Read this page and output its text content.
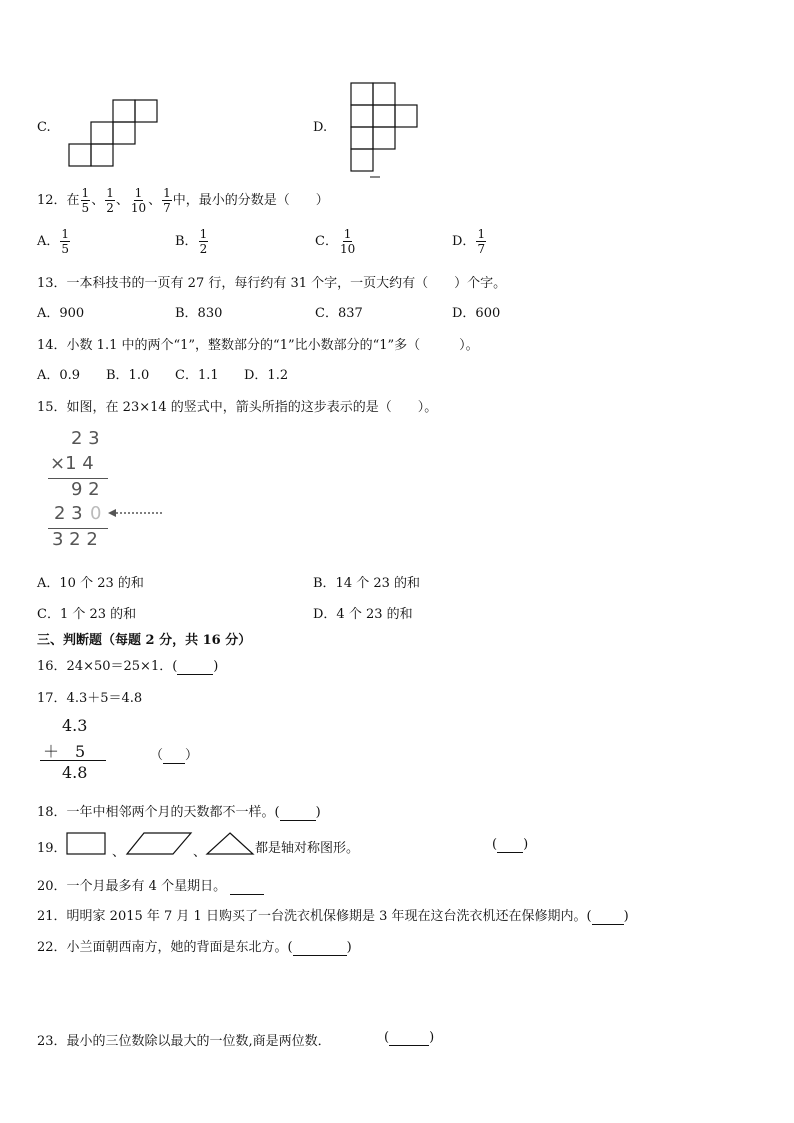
C.	D.
12．在 $\frac{1}{5}$ 、 $\frac{1}{2}$ 、 $\frac{1}{10}$ 、 $\frac{1}{7}$ 中，最小的分数是（　　）
A． $\frac{1}{5}$	B． $\frac{1}{2}$	C． $\frac{1}{10}$	D． $\frac{1}{7}$
13．一本科技书的一页有 27 行，每行约有 31 个字，一页大约有（　　）个字。
A．900	B．830	C．837	D．600
14．小数 1.1 中的两个“1”，整数部分的“1”比小数部分的“1”多（　　　）。
A．0.9 B．1.0 C．1.1 D．1.2
15．如图，在 23×14 的竖式中，箭头所指的这步表示的是（　　）。
2 3
×1 4
9 2
2 3 0
3 2 2
A．10 个 23 的和	B．14 个 23 的和
C．1 个 23 的和	D．4 个 23 的和
三、判断题（每题 2 分，共 16 分）
16．24×50＝25×1．(	)
17．4.3＋5＝4.8
4.3
＋　5
4.8
（ ）
18．一年中相邻两个月的天数都不一样。(	)
19．	、	、	都是轴对称图形。	( )
20．一个月最多有 4 个星期日。
21．明明家 2015 年 7 月 1 日购买了一台洗衣机保修期是 3 年现在这台洗衣机还在保修期内。( )
22．小兰面朝西南方，她的背面是东北方。(	)
23．最小的三位数除以最大的一位数,商是两位数．	(	)
